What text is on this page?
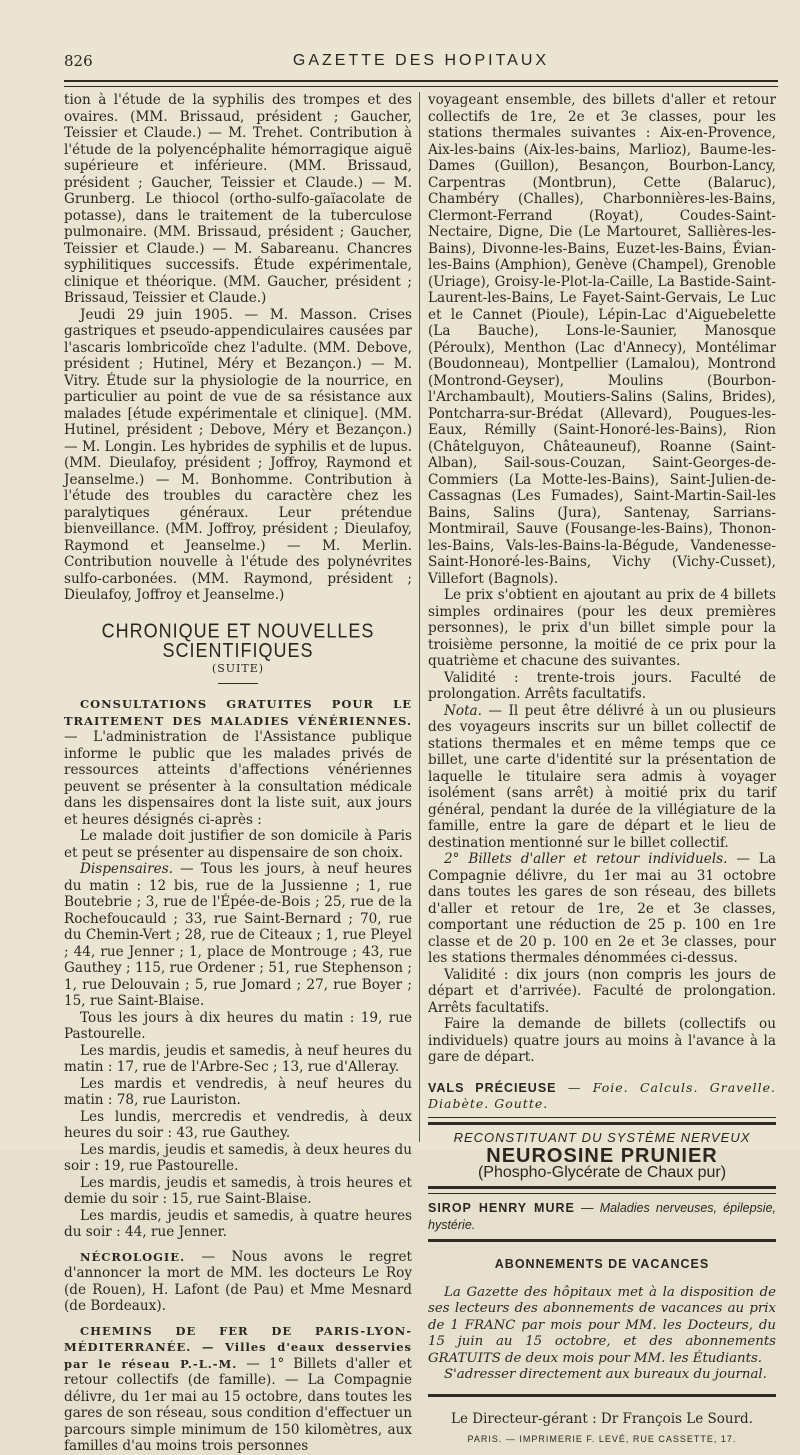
826	GAZETTE DES HOPITAUX

tion à l'étude de la syphilis des trompes et des ovaires. (MM. Brissaud, président ; Gaucher, Teissier et Claude.) — M. Trehet. Contribution à l'étude de la polyencéphalite hémorragique aiguë supérieure et inférieure. (MM. Brissaud, président ; Gaucher, Teissier et Claude.) — M. Grunberg. Le thiocol (ortho-sulfo-gaïacolate de potasse), dans le traitement de la tuberculose pulmonaire. (MM. Brissaud, président ; Gaucher, Teissier et Claude.) — M. Sabareanu. Chancres syphilitiques successifs. Étude expérimentale, clinique et théorique. (MM. Gaucher, président ; Brissaud, Teissier et Claude.)

Jeudi 29 juin 1905. — M. Masson. Crises gastriques et pseudo-appendiculaires causées par l'ascaris lombricoïde chez l'adulte. (MM. Debove, président ; Hutinel, Méry et Bezançon.) — M. Vitry. Étude sur la physiologie de la nourrice, en particulier au point de vue de sa résistance aux malades [étude expérimentale et clinique]. (MM. Hutinel, président ; Debove, Méry et Bezançon.) — M. Longin. Les hybrides de syphilis et de lupus. (MM. Dieulafoy, président ; Joffroy, Raymond et Jeanselme.) — M. Bonhomme. Contribution à l'étude des troubles du caractère chez les paralytiques généraux. Leur prétendue bienveillance. (MM. Joffroy, président ; Dieulafoy, Raymond et Jeanselme.) — M. Merlin. Contribution nouvelle à l'étude des polynévrites sulfo-carbonées. (MM. Raymond, président ; Dieulafoy, Joffroy et Jeanselme.)

CHRONIQUE ET NOUVELLES SCIENTIFIQUES
(SUITE)

CONSULTATIONS GRATUITES POUR LE TRAITEMENT DES MALADIES VÉNÉRIENNES. — L'administration de l'Assistance publique informe le public que les malades privés de ressources atteints d'affections vénériennes peuvent se présenter à la consultation médicale dans les dispensaires dont la liste suit, aux jours et heures désignés ci-après :

Le malade doit justifier de son domicile à Paris et peut se présenter au dispensaire de son choix.

Dispensaires. — Tous les jours, à neuf heures du matin : 12 bis, rue de la Jussienne ; 1, rue Boutebrie ; 3, rue de l'Épée-de-Bois ; 25, rue de la Rochefoucauld ; 33, rue Saint-Bernard ; 70, rue du Chemin-Vert ; 28, rue de Citeaux ; 1, rue Pleyel ; 44, rue Jenner ; 1, place de Montrouge ; 43, rue Gauthey ; 115, rue Ordener ; 51, rue Stephenson ; 1, rue Delouvain ; 5, rue Jomard ; 27, rue Boyer ; 15, rue Saint-Blaise.

Tous les jours à dix heures du matin : 19, rue Pastourelle.

Les mardis, jeudis et samedis, à neuf heures du matin : 17, rue de l'Arbre-Sec ; 13, rue d'Alleray.

Les mardis et vendredis, à neuf heures du matin : 78, rue Lauriston.

Les lundis, mercredis et vendredis, à deux heures du soir : 43, rue Gauthey.

Les mardis, jeudis et samedis, à deux heures du soir : 19, rue Pastourelle.

Les mardis, jeudis et samedis, à trois heures et demie du soir : 15, rue Saint-Blaise.

Les mardis, jeudis et samedis, à quatre heures du soir : 44, rue Jenner.

NÉCROLOGIE. — Nous avons le regret d'annoncer la mort de MM. les docteurs Le Roy (de Rouen), H. Lafont (de Pau) et Mme Mesnard (de Bordeaux).

CHEMINS DE FER DE PARIS-LYON-MÉDITERRANÉE. — Villes d'eaux desservies par le réseau P.-L.-M. — 1° Billets d'aller et retour collectifs (de famille). — La Compagnie délivre, du 1er mai au 15 octobre, dans toutes les gares de son réseau, sous condition d'effectuer un parcours simple minimum de 150 kilomètres, aux familles d'au moins trois personnes

voyageant ensemble, des billets d'aller et retour collectifs de 1re, 2e et 3e classes, pour les stations thermales suivantes : Aix-en-Provence, Aix-les-bains (Aix-les-bains, Marlioz), Baume-les-Dames (Guillon), Besançon, Bourbon-Lancy, Carpentras (Montbrun), Cette (Balaruc), Chambéry (Challes), Charbonnières-les-Bains, Clermont-Ferrand (Royat), Coudes-Saint-Nectaire, Digne, Die (Le Martouret, Sallières-les-Bains), Divonne-les-Bains, Euzet-les-Bains, Évian-les-Bains (Amphion), Genève (Champel), Grenoble (Uriage), Groisy-le-Plot-la-Caille, La Bastide-Saint-Laurent-les-Bains, Le Fayet-Saint-Gervais, Le Luc et le Cannet (Pioule), Lépin-Lac d'Aiguebelette (La Bauche), Lons-le-Saunier, Manosque (Péroulx), Menthon (Lac d'Annecy), Montélimar (Boudonneau), Montpellier (Lamalou), Montrond (Montrond-Geyser), Moulins (Bourbon-l'Archambault), Moutiers-Salins (Salins, Brides), Pontcharra-sur-Brédat (Allevard), Pougues-les-Eaux, Rémilly (Saint-Honoré-les-Bains), Rion (Châtelguyon, Châteauneuf), Roanne (Saint-Alban), Sail-sous-Couzan, Saint-Georges-de-Commiers (La Motte-les-Bains), Saint-Julien-de-Cassagnas (Les Fumades), Saint-Martin-Sail-les Bains, Salins (Jura), Santenay, Sarrians-Montmirail, Sauve (Fousange-les-Bains), Thonon-les-Bains, Vals-les-Bains-la-Bégude, Vandenesse-Saint-Honoré-les-Bains, Vichy (Vichy-Cusset), Villefort (Bagnols).

Le prix s'obtient en ajoutant au prix de 4 billets simples ordinaires (pour les deux premières personnes), le prix d'un billet simple pour la troisième personne, la moitié de ce prix pour la quatrième et chacune des suivantes.

Validité : trente-trois jours. Faculté de prolongation. Arrêts facultatifs.

Nota. — Il peut être délivré à un ou plusieurs des voyageurs inscrits sur un billet collectif de stations thermales et en même temps que ce billet, une carte d'identité sur la présentation de laquelle le titulaire sera admis à voyager isolément (sans arrêt) à moitié prix du tarif général, pendant la durée de la villégiature de la famille, entre la gare de départ et le lieu de destination mentionné sur le billet collectif.

2° Billets d'aller et retour individuels. — La Compagnie délivre, du 1er mai au 31 octobre dans toutes les gares de son réseau, des billets d'aller et retour de 1re, 2e et 3e classes, comportant une réduction de 25 p. 100 en 1re classe et de 20 p. 100 en 2e et 3e classes, pour les stations thermales dénommées ci-dessus.

Validité : dix jours (non compris les jours de départ et d'arrivée). Faculté de prolongation. Arrêts facultatifs.

Faire la demande de billets (collectifs ou individuels) quatre jours au moins à l'avance à la gare de départ.

VALS PRÉCIEUSE — Foie. Calculs. Gravelle. Diabète. Goutte.
RECONSTITUANT DU SYSTÈME NERVEUX
NEUROSINE PRUNIER
(Phospho-Glycérate de Chaux pur)
SIROP HENRY MURE — Maladies nerveuses, épilepsie, hystérie.
ABONNEMENTS DE VACANCES

La Gazette des hôpitaux met à la disposition de ses lecteurs des abonnements de vacances au prix de 1 FRANC par mois pour MM. les Docteurs, du 15 juin au 15 octobre, et des abonnements GRATUITS de deux mois pour MM. les Étudiants.

S'adresser directement aux bureaux du journal.

Le Directeur-gérant : Dr François Le Sourd.
PARIS. — IMPRIMERIE F. LEVÉ, RUE CASSETTE, 17.
